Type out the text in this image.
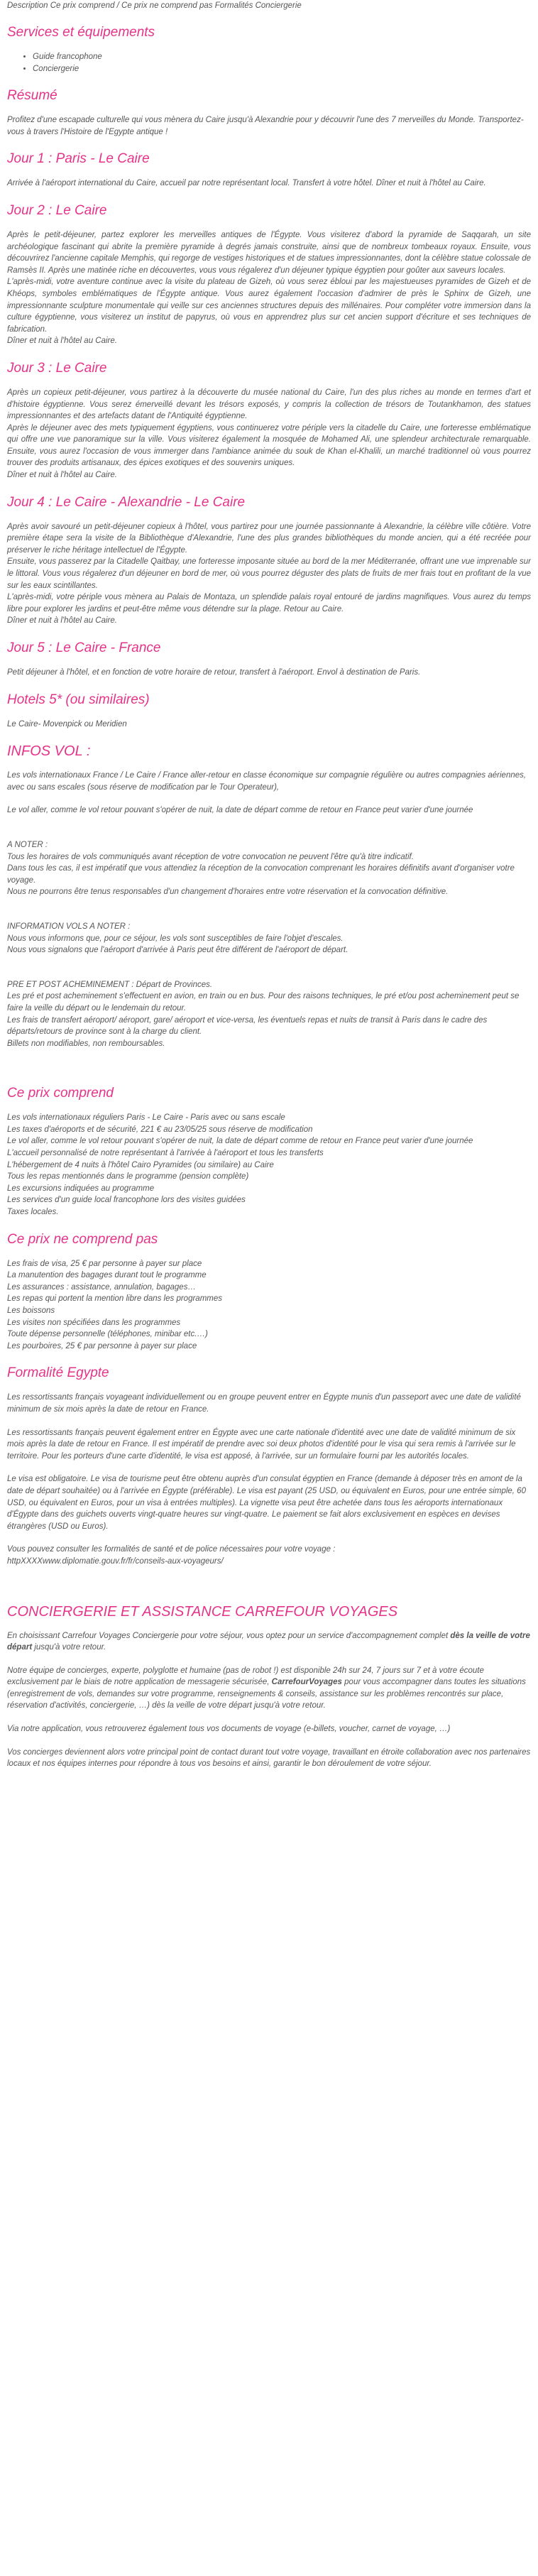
Description Ce prix comprend / Ce prix ne comprend pas Formalités Conciergerie

Services et équipements
• Guide francophone
• Conciergerie
Résumé

Profitez d'une escapade culturelle qui vous mènera du Caire jusqu'à Alexandrie pour y découvrir l'une des 7 merveilles du Monde. Transportez-vous à travers l'Histoire de l'Egypte antique !

Jour 1 : Paris - Le Caire

Arrivée à l'aéroport international du Caire, accueil par notre représentant local. Transfert à votre hôtel. Dîner et nuit à l'hôtel au Caire.

Jour 2 : Le Caire

Après le petit-déjeuner, partez explorer les merveilles antiques de l'Égypte. Vous visiterez d'abord la pyramide de Saqqarah, un site archéologique fascinant qui abrite la première pyramide à degrés jamais construite, ainsi que de nombreux tombeaux royaux. Ensuite, vous découvrirez l'ancienne capitale Memphis, qui regorge de vestiges historiques et de statues impressionnantes, dont la célèbre statue colossale de Ramsès II. Après une matinée riche en découvertes, vous vous régalerez d'un déjeuner typique égyptien pour goûter aux saveurs locales.
L'après-midi, votre aventure continue avec la visite du plateau de Gizeh, où vous serez ébloui par les majestueuses pyramides de Gizeh et de Khéops, symboles emblématiques de l'Égypte antique. Vous aurez également l'occasion d'admirer de près le Sphinx de Gizeh, une impressionnante sculpture monumentale qui veille sur ces anciennes structures depuis des millénaires. Pour compléter votre immersion dans la culture égyptienne, vous visiterez un institut de papyrus, où vous en apprendrez plus sur cet ancien support d'écriture et ses techniques de fabrication.
Dîner et nuit à l'hôtel au Caire.

Jour 3 : Le Caire

Après un copieux petit-déjeuner, vous partirez à la découverte du musée national du Caire, l'un des plus riches au monde en termes d'art et d'histoire égyptienne. Vous serez émerveillé devant les trésors exposés, y compris la collection de trésors de Toutankhamon, des statues impressionnantes et des artefacts datant de l'Antiquité égyptienne.
Après le déjeuner avec des mets typiquement égyptiens, vous continuerez votre périple vers la citadelle du Caire, une forteresse emblématique qui offre une vue panoramique sur la ville. Vous visiterez également la mosquée de Mohamed Ali, une splendeur architecturale remarquable. Ensuite, vous aurez l'occasion de vous immerger dans l'ambiance animée du souk de Khan el-Khalili, un marché traditionnel où vous pourrez trouver des produits artisanaux, des épices exotiques et des souvenirs uniques.
Dîner et nuit à l'hôtel au Caire.

Jour 4 : Le Caire - Alexandrie - Le Caire

Après avoir savouré un petit-déjeuner copieux à l'hôtel, vous partirez pour une journée passionnante à Alexandrie, la célèbre ville côtière. Votre première étape sera la visite de la Bibliothèque d'Alexandrie, l'une des plus grandes bibliothèques du monde ancien, qui a été recréée pour préserver le riche héritage intellectuel de l'Égypte.
Ensuite, vous passerez par la Citadelle Qaitbay, une forteresse imposante située au bord de la mer Méditerranée, offrant une vue imprenable sur le littoral. Vous vous régalerez d'un déjeuner en bord de mer, où vous pourrez déguster des plats de fruits de mer frais tout en profitant de la vue sur les eaux scintillantes.
L'après-midi, votre périple vous mènera au Palais de Montaza, un splendide palais royal entouré de jardins magnifiques. Vous aurez du temps libre pour explorer les jardins et peut-être même vous détendre sur la plage. Retour au Caire.
Dîner et nuit à l'hôtel au Caire.

Jour 5 : Le Caire - France

Petit déjeuner à l'hôtel, et en fonction de votre horaire de retour, transfert à l'aéroport. Envol à destination de Paris.

Hotels 5* (ou similaires)

Le Caire- Movenpick ou Meridien

INFOS VOL :

Les vols internationaux France / Le Caire / France aller-retour en classe économique sur compagnie régulière ou autres compagnies aériennes, avec ou sans escales (sous réserve de modification par le Tour Operateur),

Le vol aller, comme le vol retour pouvant s'opérer de nuit, la date de départ comme de retour en France peut varier d'une journée

A NOTER :
Tous les horaires de vols communiqués avant réception de votre convocation ne peuvent l'être qu'à titre indicatif.
Dans tous les cas, il est impératif que vous attendiez la réception de la convocation comprenant les horaires définitifs avant d'organiser votre voyage.
Nous ne pourrons être tenus responsables d'un changement d'horaires entre votre réservation et la convocation définitive.

INFORMATION VOLS A NOTER :
Nous vous informons que, pour ce séjour, les vols sont susceptibles de faire l'objet d'escales.
Nous vous signalons que l'aéroport d'arrivée à Paris peut être différent de l'aéroport de départ.

PRE ET POST ACHEMINEMENT : Départ de Provinces.
Les pré et post acheminement s'effectuent en avion, en train ou en bus. Pour des raisons techniques, le pré et/ou post acheminement peut se faire la veille du départ ou le lendemain du retour.
Les frais de transfert aéroport/ aéroport, gare/ aéroport et vice-versa, les éventuels repas et nuits de transit à Paris dans le cadre des départs/retours de province sont à la charge du client.
Billets non modifiables, non remboursables.

Ce prix comprend

Les vols internationaux réguliers Paris - Le Caire - Paris avec ou sans escale
Les taxes d'aéroports et de sécurité, 221 € au 23/05/25 sous réserve de modification
Le vol aller, comme le vol retour pouvant s'opérer de nuit, la date de départ comme de retour en France peut varier d'une journée
L'accueil personnalisé de notre représentant à l'arrivée à l'aéroport et tous les transferts
L'hébergement de 4 nuits à l'hôtel Cairo Pyramides (ou similaire) au Caire
Tous les repas mentionnés dans le programme (pension complète)
Les excursions indiquées au programme
Les services d'un guide local francophone lors des visites guidées
Taxes locales.

Ce prix ne comprend pas

Les frais de visa, 25 € par personne à payer sur place
La manutention des bagages durant tout le programme
Les assurances : assistance, annulation, bagages…
Les repas qui portent la mention libre dans les programmes
Les boissons
Les visites non spécifiées dans les programmes
Toute dépense personnelle (téléphones, minibar etc.…)
Les pourboires, 25 € par personne à payer sur place

Formalité Egypte

Les ressortissants français voyageant individuellement ou en groupe peuvent entrer en Égypte munis d'un passeport avec une date de validité minimum de six mois après la date de retour en France.

Les ressortissants français peuvent également entrer en Égypte avec une carte nationale d'identité avec une date de validité minimum de six mois après la date de retour en France. Il est impératif de prendre avec soi deux photos d'identité pour le visa qui sera remis à l'arrivée sur le territoire. Pour les porteurs d'une carte d'identité, le visa est apposé, à l'arrivée, sur un formulaire fourni par les autorités locales.

Le visa est obligatoire. Le visa de tourisme peut être obtenu auprès d'un consulat égyptien en France (demande à déposer très en amont de la date de départ souhaitée) ou à l'arrivée en Égypte (préférable). Le visa est payant (25 USD, ou équivalent en Euros, pour une entrée simple, 60 USD, ou équivalent en Euros, pour un visa à entrées multiples). La vignette visa peut être achetée dans tous les aéroports internationaux d'Égypte dans des guichets ouverts vingt-quatre heures sur vingt-quatre. Le paiement se fait alors exclusivement en espèces en devises étrangères (USD ou Euros).

Vous pouvez consulter les formalités de santé et de police nécessaires pour votre voyage :
httpXXXXwww.diplomatie.gouv.fr/fr/conseils-aux-voyageurs/

CONCIERGERIE ET ASSISTANCE CARREFOUR VOYAGES

En choisissant Carrefour Voyages Conciergerie pour votre séjour, vous optez pour un service d'accompagnement complet dès la veille de votre départ jusqu'à votre retour.

Notre équipe de concierges, experte, polyglotte et humaine (pas de robot !) est disponible 24h sur 24, 7 jours sur 7 et à votre écoute exclusivement par le biais de notre application de messagerie sécurisée, CarrefourVoyages pour vous accompagner dans toutes les situations (enregistrement de vols, demandes sur votre programme, renseignements & conseils, assistance sur les problèmes rencontrés sur place, réservation d'activités, conciergerie, …) dès la veille de votre départ jusqu'à votre retour.

Via notre application, vous retrouverez également tous vos documents de voyage (e-billets, voucher, carnet de voyage, …)

Vos concierges deviennent alors votre principal point de contact durant tout votre voyage, travaillant en étroite collaboration avec nos partenaires locaux et nos équipes internes pour répondre à tous vos besoins et ainsi, garantir le bon déroulement de votre séjour.
